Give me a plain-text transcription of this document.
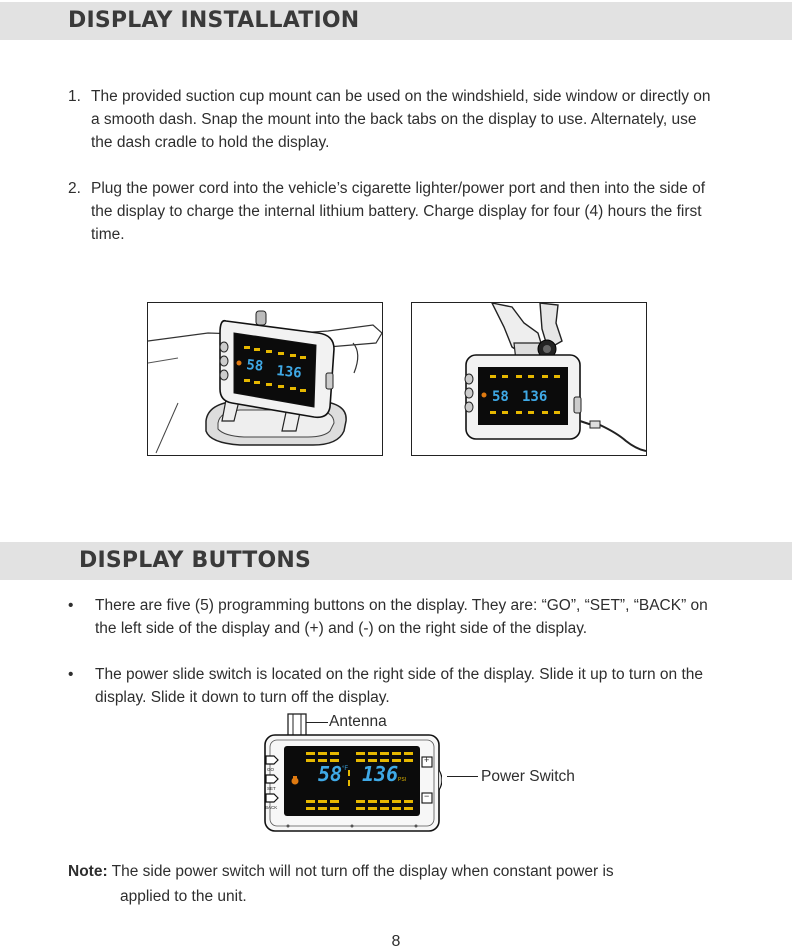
DISPLAY INSTALLATION
1. The provided suction cup mount can be used on the windshield, side window or directly on a smooth dash. Snap the mount into the back tabs on the display to use. Alternately, use the dash cradle to hold the display.
2. Plug the power cord into the vehicle’s cigarette lighter/power port and then into the side of the display to charge the internal lithium battery. Charge display for four (4) hours the first time.
58 136
58 136
DISPLAY BUTTONS
• There are five (5) programming buttons on the display. They are: “GO”, “SET”, “BACK” on the left side of the display and (+) and (-) on the right side of the display.
• The power slide switch is located on the right side of the display. Slide it up to turn on the display. Slide it down to turn off the display.
58 °F 136 PSI
GO
SET
BACK
+
−
Antenna
Power Switch
Note: The side power switch will not turn off the display when constant power is
applied to the unit.
8
